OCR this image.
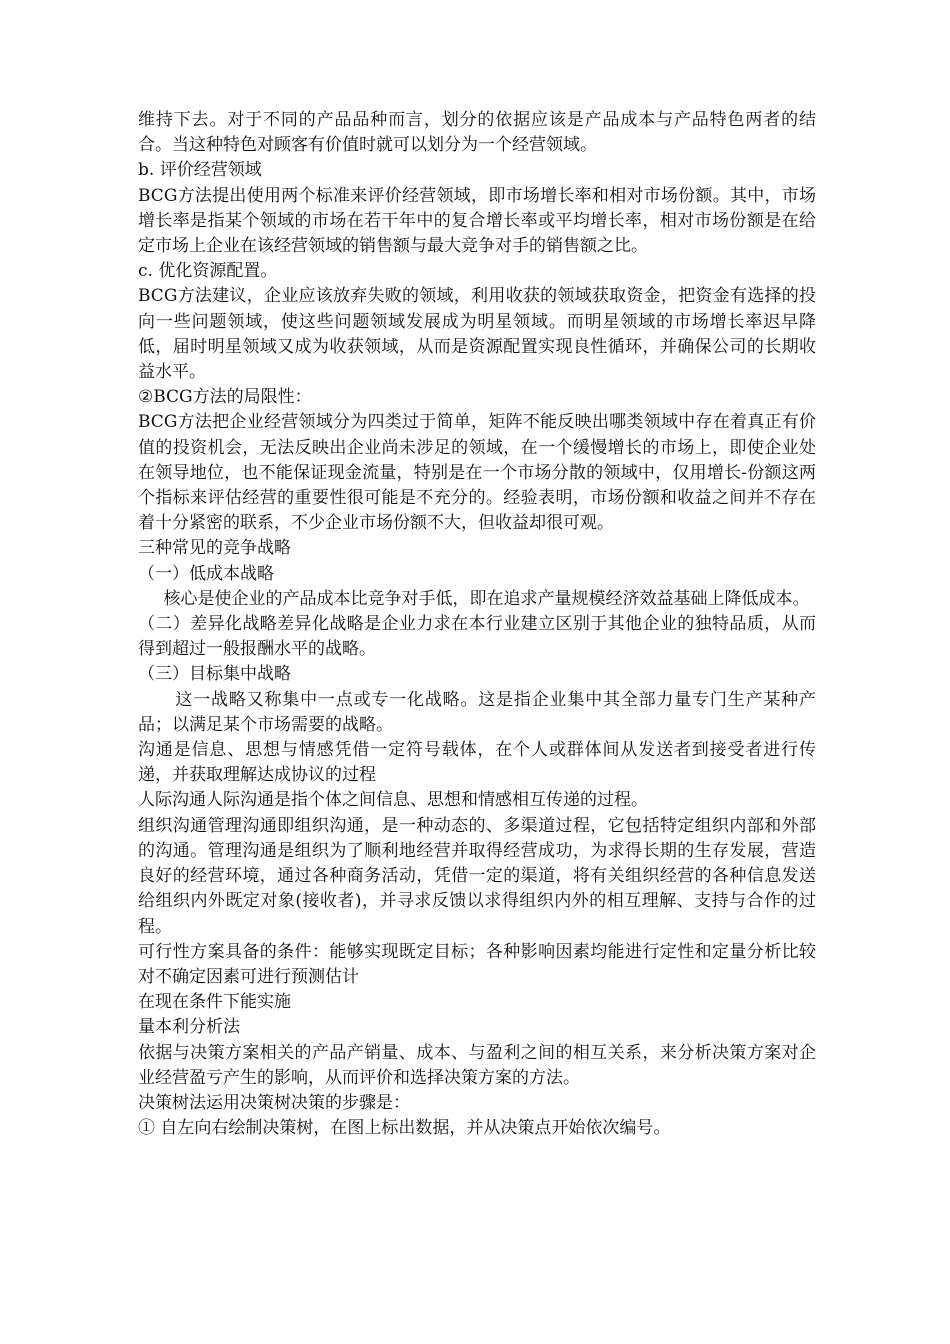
维持下去。对于不同的产品品种而言，划分的依据应该是产品成本与产品特色两者的结合。当这种特色对顾客有价值时就可以划分为一个经营领域。

b. 评价经营领域

BCG方法提出使用两个标准来评价经营领域，即市场增长率和相对市场份额。其中，市场增长率是指某个领域的市场在若干年中的复合增长率或平均增长率，相对市场份额是在给定市场上企业在该经营领域的销售额与最大竞争对手的销售额之比。

c. 优化资源配置。

BCG方法建议，企业应该放弃失败的领域，利用收获的领域获取资金，把资金有选择的投向一些问题领域，使这些问题领域发展成为明星领域。而明星领域的市场增长率迟早降低，届时明星领域又成为收获领域，从而是资源配置实现良性循环，并确保公司的长期收益水平。

②BCG方法的局限性：

BCG方法把企业经营领域分为四类过于简单，矩阵不能反映出哪类领域中存在着真正有价值的投资机会，无法反映出企业尚未涉足的领域，在一个缓慢增长的市场上，即使企业处在领导地位，也不能保证现金流量，特别是在一个市场分散的领域中，仅用增长-份额这两个指标来评估经营的重要性很可能是不充分的。经验表明，市场份额和收益之间并不存在着十分紧密的联系，不少企业市场份额不大，但收益却很可观。

三种常见的竞争战略

（一）低成本战略

核心是使企业的产品成本比竞争对手低，即在追求产量规模经济效益基础上降低成本。

（二）差异化战略差异化战略是企业力求在本行业建立区别于其他企业的独特品质，从而得到超过一般报酬水平的战略。

（三）目标集中战略

这一战略又称集中一点或专一化战略。这是指企业集中其全部力量专门生产某种产品；以满足某个市场需要的战略。

沟通是信息、思想与情感凭借一定符号载体，在个人或群体间从发送者到接受者进行传递，并获取理解达成协议的过程

人际沟通人际沟通是指个体之间信息、思想和情感相互传递的过程。

组织沟通管理沟通即组织沟通，是一种动态的、多渠道过程，它包括特定组织内部和外部的沟通。管理沟通是组织为了顺利地经营并取得经营成功，为求得长期的生存发展，营造良好的经营环境，通过各种商务活动，凭借一定的渠道，将有关组织经营的各种信息发送给组织内外既定对象(接收者)，并寻求反馈以求得组织内外的相互理解、支持与合作的过程。

可行性方案具备的条件：能够实现既定目标；各种影响因素均能进行定性和定量分析比较对不确定因素可进行预测估计

在现在条件下能实施

量本利分析法

依据与决策方案相关的产品产销量、成本、与盈利之间的相互关系，来分析决策方案对企业经营盈亏产生的影响，从而评价和选择决策方案的方法。

决策树法运用决策树决策的步骤是：

① 自左向右绘制决策树，在图上标出数据，并从决策点开始依次编号。
